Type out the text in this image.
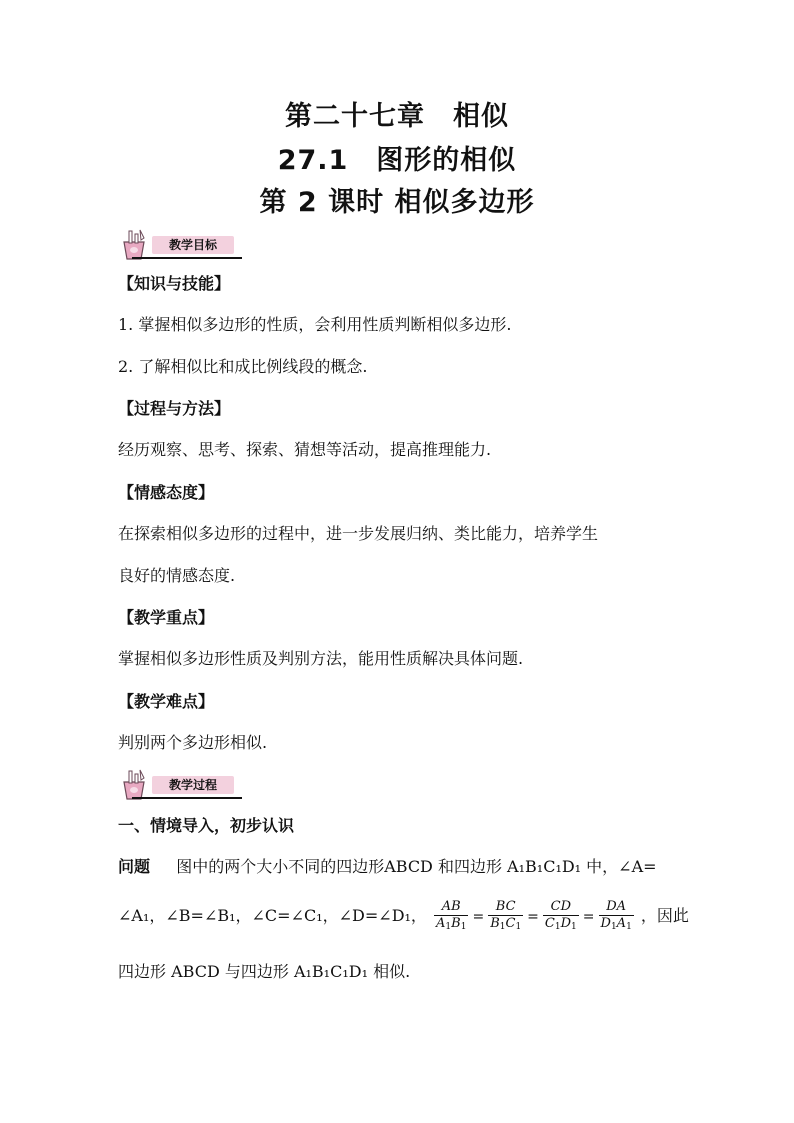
第二十七章　相似
27.1　图形的相似
第 2 课时 相似多边形
教学目标
【知识与技能】
1. 掌握相似多边形的性质，会利用性质判断相似多边形.
2. 了解相似比和成比例线段的概念.
【过程与方法】
经历观察、思考、探索、猜想等活动，提高推理能力.
【情感态度】
在探索相似多边形的过程中，进一步发展归纳、类比能力，培养学生
良好的情感态度.
【教学重点】
掌握相似多边形性质及判别方法，能用性质解决具体问题.
【教学难点】
判别两个多边形相似.
教学过程
一、情境导入，初步认识
问题 图中的两个大小不同的四边形ABCD 和四边形 A₁B₁C₁D₁ 中，∠A=
∠A₁，∠B=∠B₁，∠C=∠C₁，∠D=∠D₁， $\frac{AB}{A_1B_1} = \frac{BC}{B_1C_1} = \frac{CD}{C_1D_1} = \frac{DA}{D_1A_1}$ ，因此
四边形 ABCD 与四边形 A₁B₁C₁D₁ 相似.
